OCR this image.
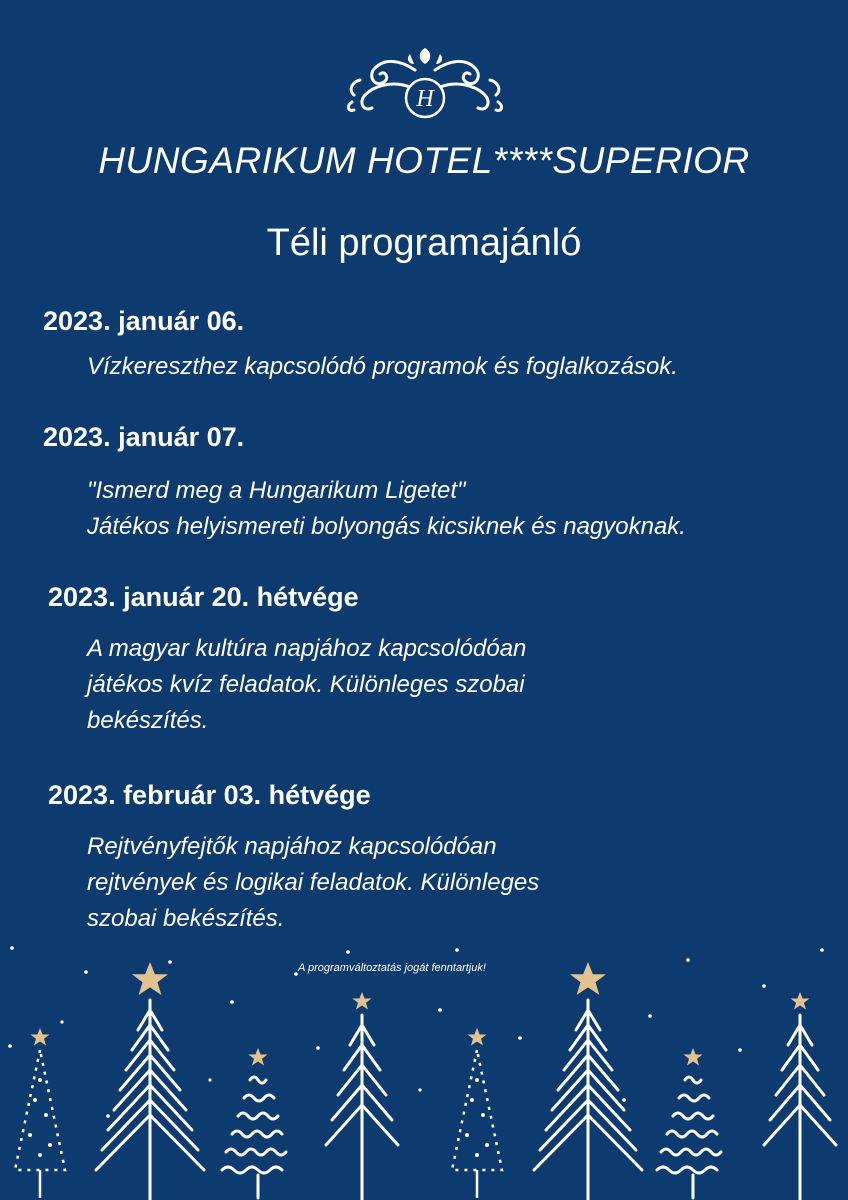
H
HUNGARIKUM HOTEL****SUPERIOR
Téli programajánló
2023. január 06.
Vízkereszthez kapcsolódó programok és foglalkozások.
2023. január 07.
"Ismerd meg a Hungarikum Ligetet"
Játékos helyismereti bolyongás kicsiknek és nagyoknak.
2023. január 20. hétvége
A magyar kultúra napjához kapcsolódóan
játékos kvíz feladatok. Különleges szobai
bekészítés.
2023. február 03. hétvége
Rejtvényfejtők napjához kapcsolódóan
rejtvények és logikai feladatok. Különleges
szobai bekészítés.
A programváltoztatás jogát fenntartjuk!
